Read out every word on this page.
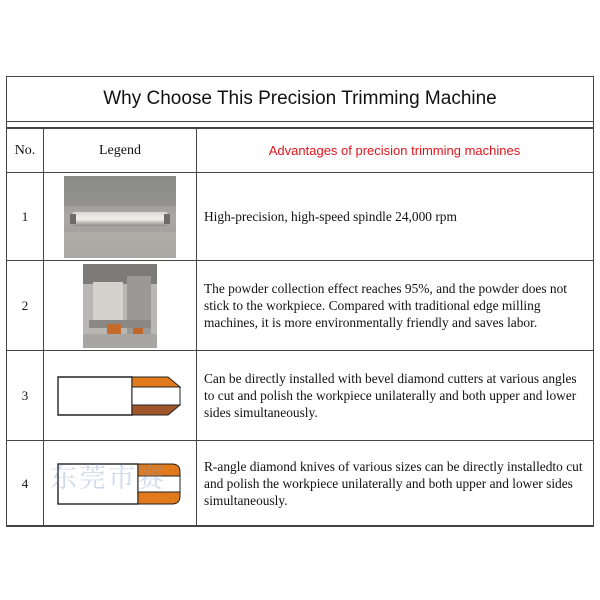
Why Choose This Precision Trimming Machine
No.	Legend	Advantages of precision trimming machines
1		High-precision, high-speed spindle 24,000 rpm
2		The powder collection effect reaches 95%, and the powder does not stick to the workpiece. Compared with traditional edge milling machines, it is more environmentally friendly and saves labor.
3		Can be directly installed with bevel diamond cutters at various angles to cut and polish the workpiece unilaterally and both upper and lower sides simultaneously.
4		R-angle diamond knives of various sizes can be directly installedto cut and polish the workpiece unilaterally and both upper and lower sides simultaneously.
东莞市赛
